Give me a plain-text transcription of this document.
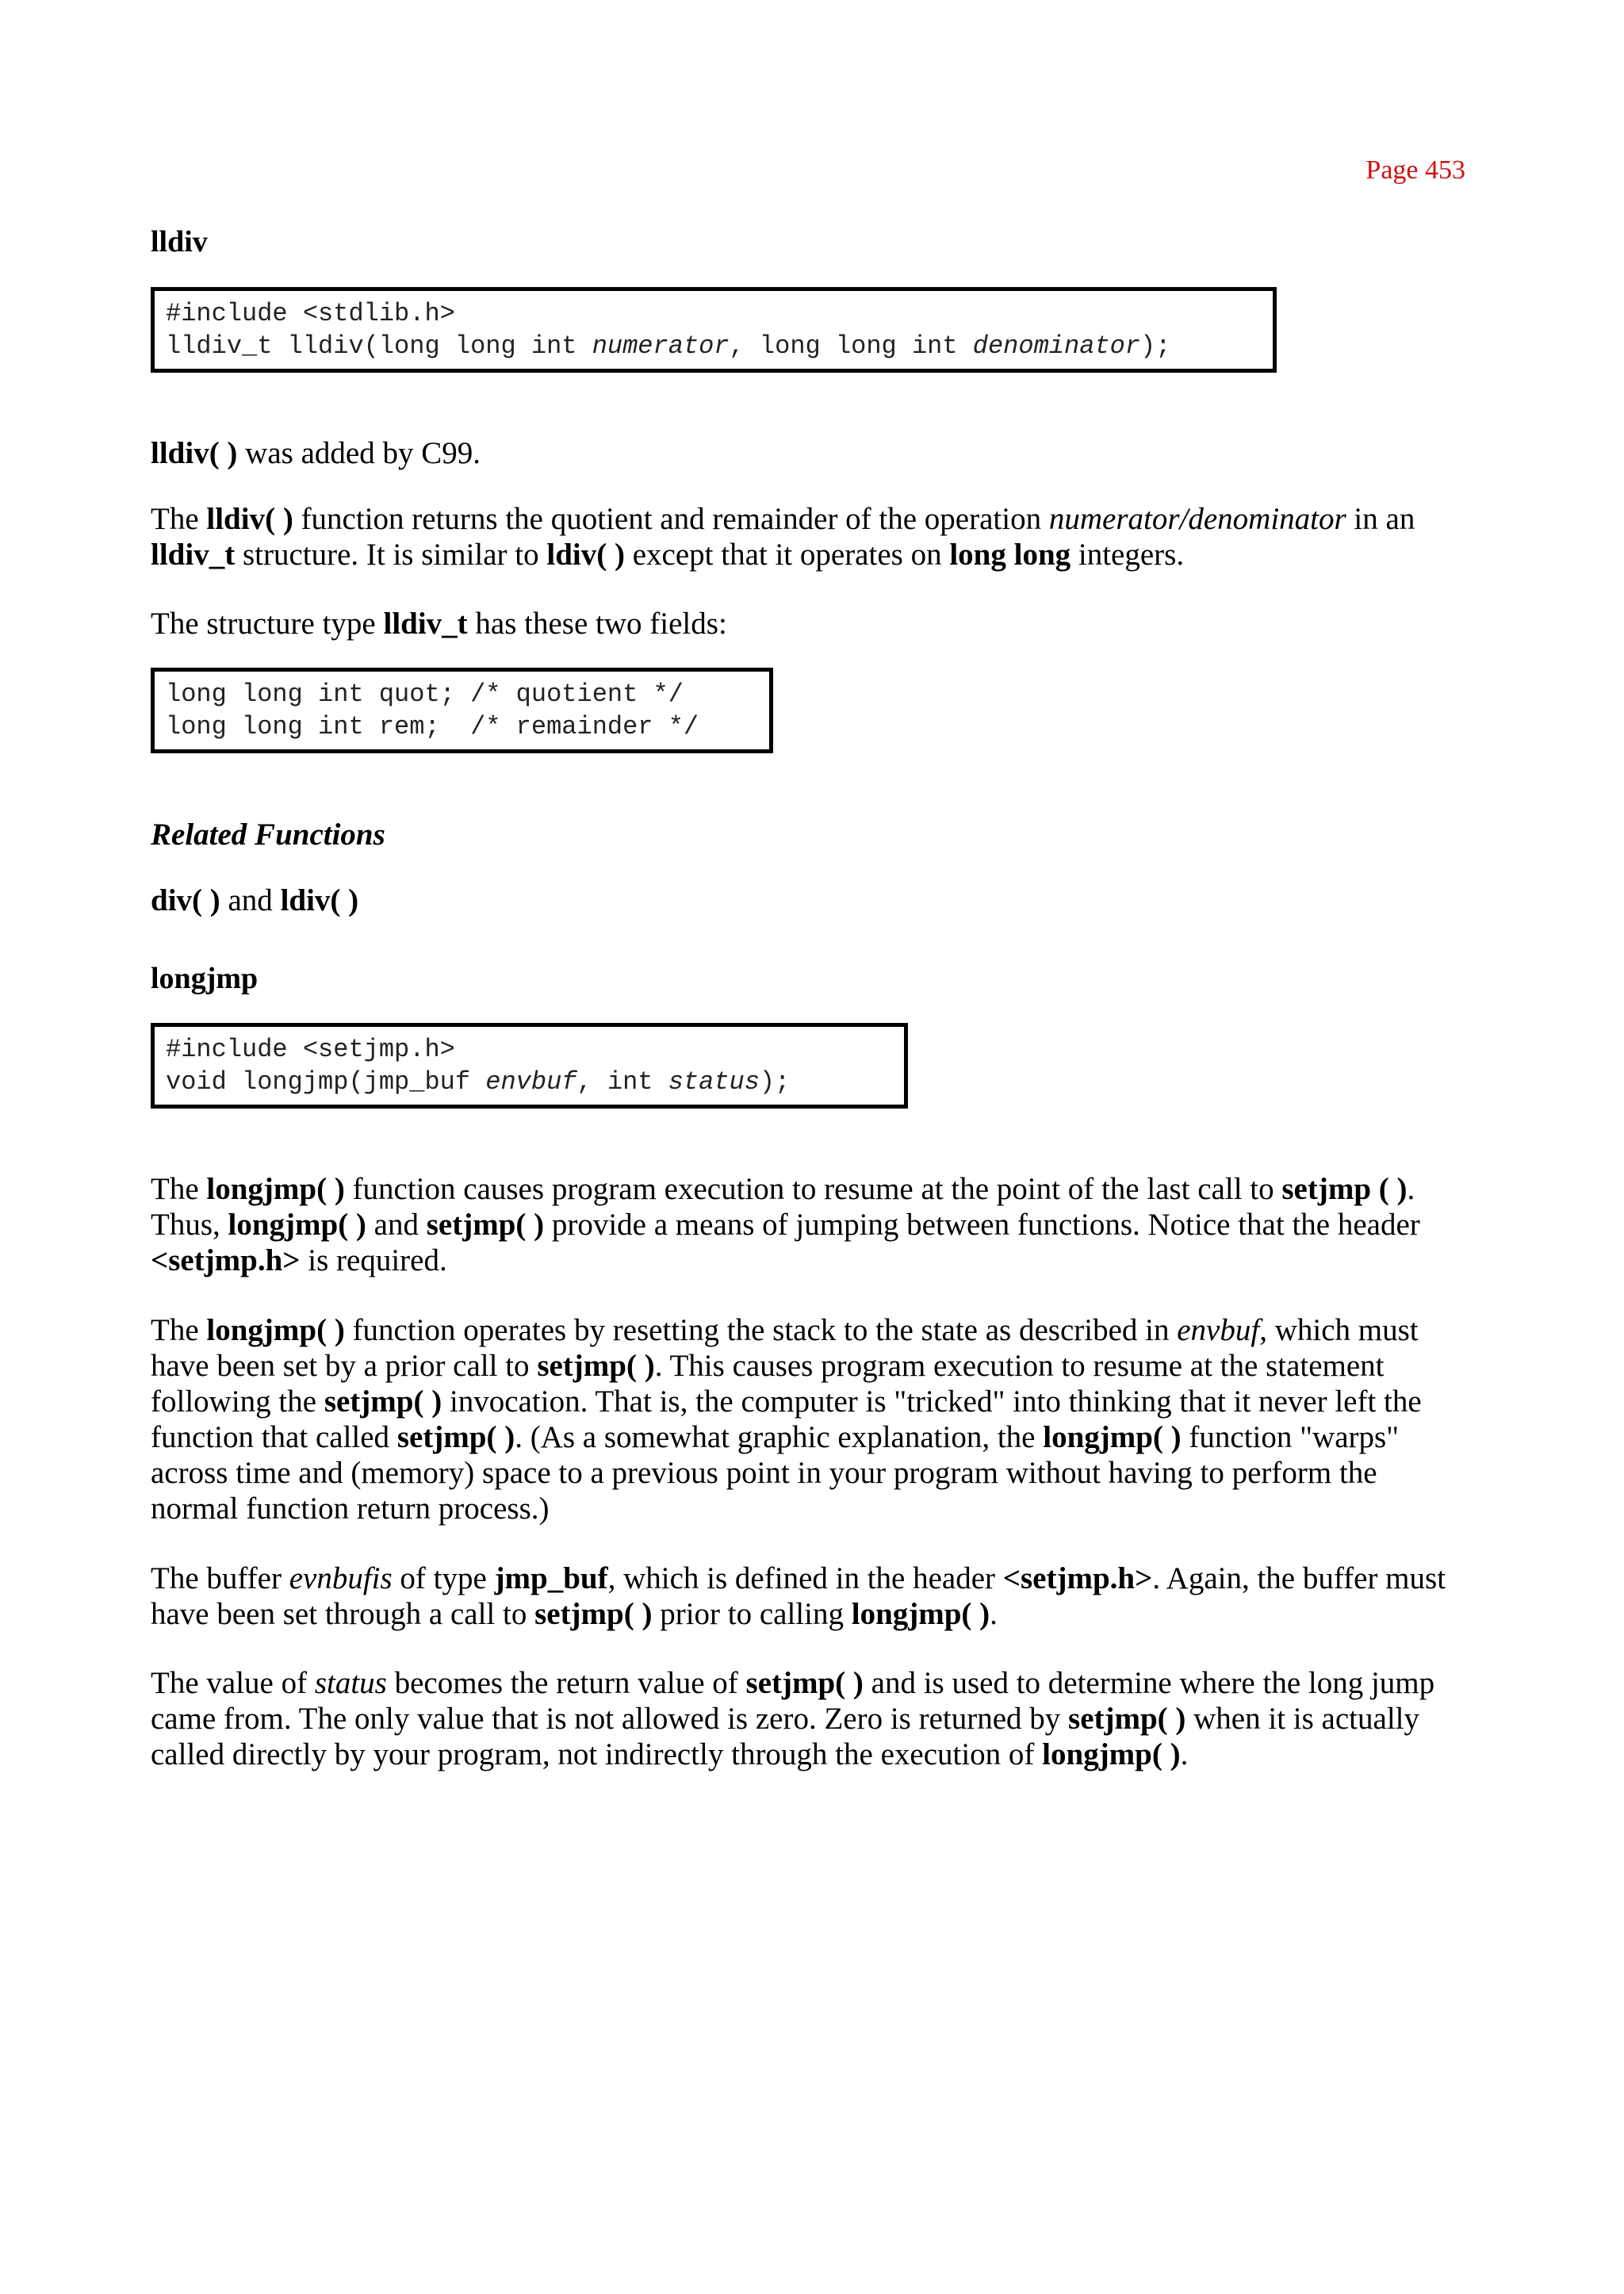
Page 453
lldiv
#include <stdlib.h>
lldiv_t lldiv(long long int numerator, long long int denominator);
lldiv( ) was added by C99.
The lldiv( ) function returns the quotient and remainder of the operation numerator/denominator in an lldiv_t structure. It is similar to ldiv( ) except that it operates on long long integers.
The structure type lldiv_t has these two fields:
long long int quot; /* quotient */
long long int rem;  /* remainder */
Related Functions
div( ) and ldiv( )
longjmp
#include <setjmp.h>
void longjmp(jmp_buf envbuf, int status);
The longjmp( ) function causes program execution to resume at the point of the last call to setjmp ( ). Thus, longjmp( ) and setjmp( ) provide a means of jumping between functions. Notice that the header <setjmp.h> is required.
The longjmp( ) function operates by resetting the stack to the state as described in envbuf, which must have been set by a prior call to setjmp( ). This causes program execution to resume at the statement following the setjmp( ) invocation. That is, the computer is "tricked" into thinking that it never left the function that called setjmp( ). (As a somewhat graphic explanation, the longjmp( ) function "warps" across time and (memory) space to a previous point in your program without having to perform the normal function return process.)
The buffer evnbufis of type jmp_buf, which is defined in the header <setjmp.h>. Again, the buffer must have been set through a call to setjmp( ) prior to calling longjmp( ).
The value of status becomes the return value of setjmp( ) and is used to determine where the long jump came from. The only value that is not allowed is zero. Zero is returned by setjmp( ) when it is actually called directly by your program, not indirectly through the execution of longjmp( ).
